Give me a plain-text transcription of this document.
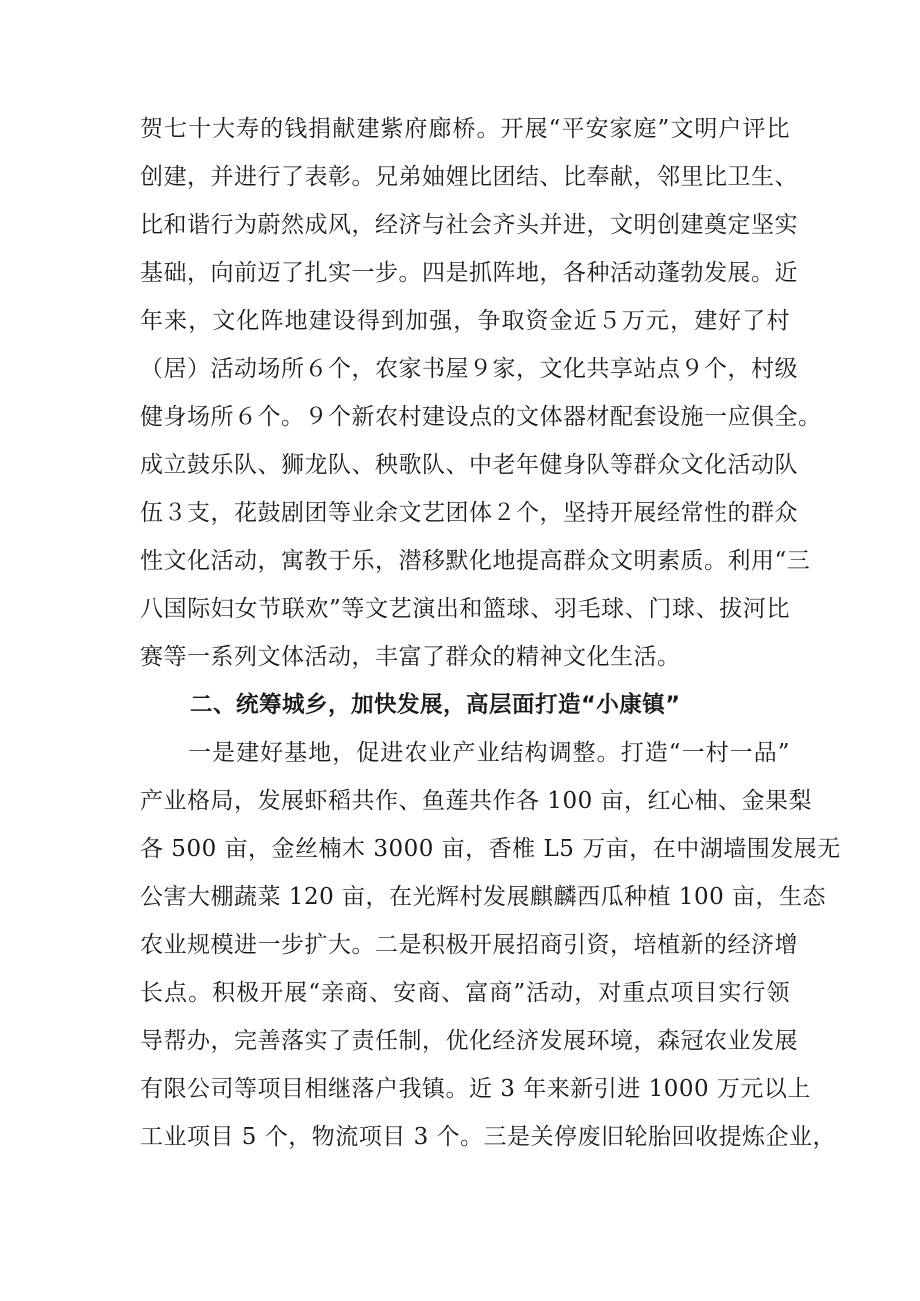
贺七十大寿的钱捐献建紫府廊桥。开展“平安家庭”文明户评比
创建，并进行了表彰。兄弟妯娌比团结、比奉献，邻里比卫生、
比和谐行为蔚然成风，经济与社会齐头并进，文明创建奠定坚实
基础，向前迈了扎实一步。四是抓阵地，各种活动蓬勃发展。近
年来，文化阵地建设得到加强，争取资金近５万元，建好了村
（居）活动场所６个，农家书屋９家，文化共享站点９个，村级
健身场所６个。９个新农村建设点的文体器材配套设施一应俱全。
成立鼓乐队、狮龙队、秧歌队、中老年健身队等群众文化活动队
伍３支，花鼓剧团等业余文艺团体２个，坚持开展经常性的群众
性文化活动，寓教于乐，潜移默化地提高群众文明素质。利用“三
八国际妇女节联欢”等文艺演出和篮球、羽毛球、门球、拔河比
赛等一系列文体活动，丰富了群众的精神文化生活。
二、统筹城乡，加快发展，高层面打造“小康镇”
一是建好基地，促进农业产业结构调整。打造“一村一品”
产业格局，发展虾稻共作、鱼莲共作各 100 亩，红心柚、金果梨
各 500 亩，金丝楠木 3000 亩，香椎 L5 万亩，在中湖墙围发展无
公害大棚蔬菜 120 亩，在光辉村发展麒麟西瓜种植 100 亩，生态
农业规模进一步扩大。二是积极开展招商引资，培植新的经济增
长点。积极开展“亲商、安商、富商”活动，对重点项目实行领
导帮办，完善落实了责任制，优化经济发展环境，森冠农业发展
有限公司等项目相继落户我镇。近 3 年来新引进 1000 万元以上
工业项目 5 个，物流项目 3 个。三是关停废旧轮胎回收提炼企业，
